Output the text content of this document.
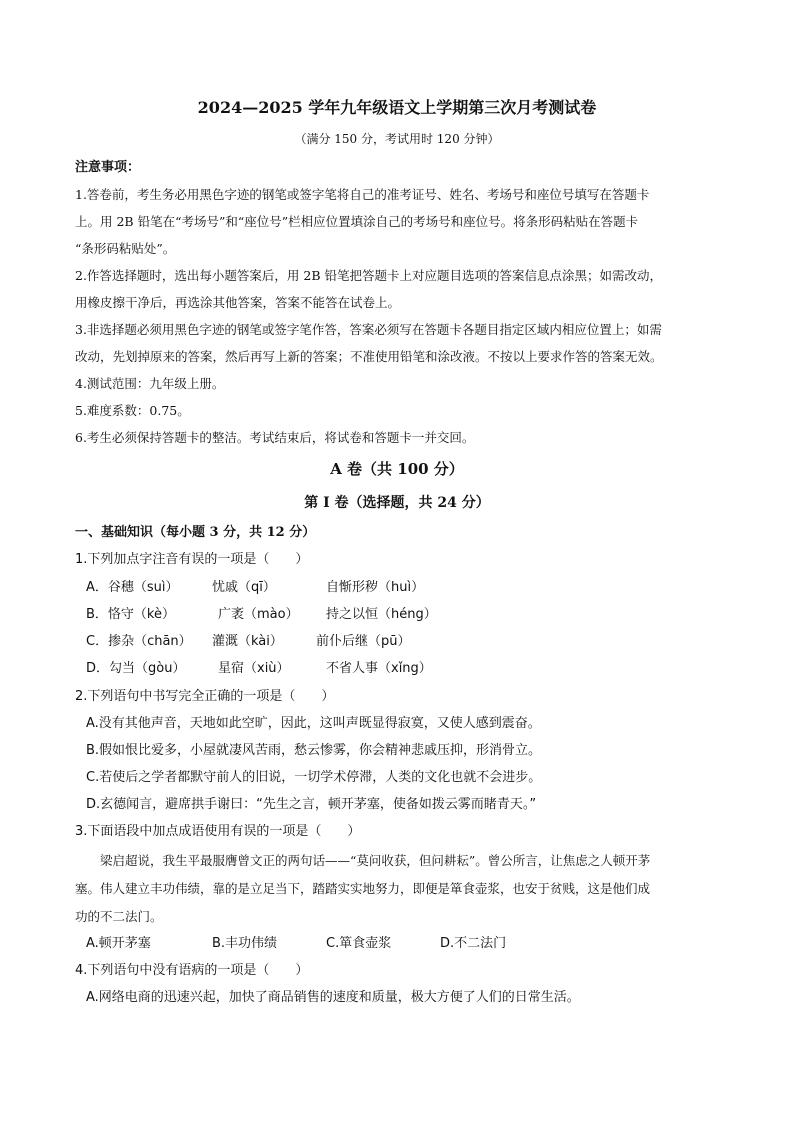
2024—2025 学年九年级语文上学期第三次月考测试卷
（满分 150 分，考试用时 120 分钟）
注意事项：
1.答卷前，考生务必用黑色字迹的钢笔或签字笔将自己的准考证号、姓名、考场号和座位号填写在答题卡
上。用 2B 铅笔在“考场号”和“座位号”栏相应位置填涂自己的考场号和座位号。将条形码粘贴在答题卡
“条形码粘贴处”。
2.作答选择题时，选出每小题答案后，用 2B 铅笔把答题卡上对应题目选项的答案信息点涂黑；如需改动，
用橡皮擦干净后，再选涂其他答案，答案不能答在试卷上。
3.非选择题必须用黑色字迹的钢笔或签字笔作答，答案必须写在答题卡各题目指定区域内相应位置上；如需
改动，先划掉原来的答案，然后再写上新的答案；不准使用铅笔和涂改液。不按以上要求作答的答案无效。
4.测试范围：九年级上册。
5.难度系数：0.75。
6.考生必须保持答题卡的整洁。考试结束后，将试卷和答题卡一并交回。
A 卷（共 100 分）
第 I 卷（选择题，共 24 分）
一、基础知识（每小题 3 分，共 12 分）
1.下列加点字注音有误的一项是（　　）
A．谷穗（suì）	忧戚（qī）	自惭形秽（huì）
B．恪守（kè）	广袤（mào） 持之以恒（héng）
C．掺杂（chān） 灌溉（kài）	前仆后继（pū）
D．勾当（gòu）	星宿（xiù）	不省人事（xǐng）
2.下列语句中书写完全正确的一项是（　　）
A.没有其他声音，天地如此空旷，因此，这叫声既显得寂寞，又使人感到震奋。
B.假如恨比爱多，小屋就凄风苦雨，愁云惨雾，你会精神悲戚压抑，形消骨立。
C.若使后之学者都默守前人的旧说，一切学术停滞，人类的文化也就不会进步。
D.玄德闻言，避席拱手谢曰：“先生之言，顿开茅塞，使备如拨云雾而睹青天。”
3.下面语段中加点成语使用有误的一项是（　　）
梁启超说，我生平最服膺曾文正的两句话——“莫问收获，但问耕耘”。曾公所言，让焦虑之人顿开茅
塞。伟人建立丰功伟绩，靠的是立足当下，踏踏实实地努力，即便是箪食壶浆，也安于贫贱，这是他们成
功的不二法门。
A.顿开茅塞	B.丰功伟绩	C.箪食壶浆	D.不二法门
4.下列语句中没有语病的一项是（　　）
A.网络电商的迅速兴起，加快了商品销售的速度和质量，极大方便了人们的日常生活。
